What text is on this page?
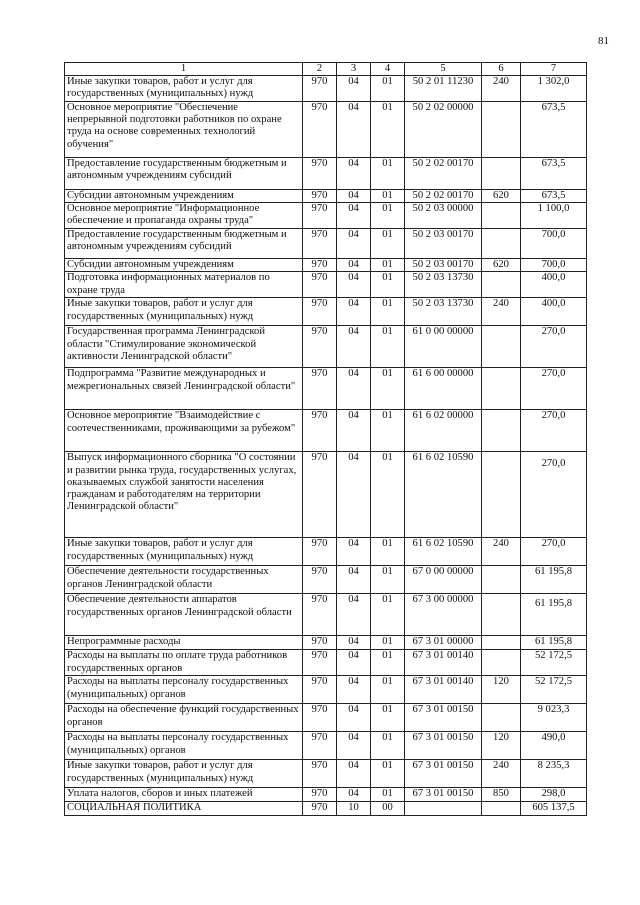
81
1	2	3	4	5	6	7
Иные закупки товаров, работ и услуг для государственных (муниципальных) нужд	970	04	01	50 2 01 11230	240	1 302,0
Основное мероприятие "Обеспечение непрерывной подготовки работников по охране труда на основе современных технологий обучения"	970	04	01	50 2 02 00000		673,5
Предоставление государственным бюджетным и автономным учреждениям субсидий	970	04	01	50 2 02 00170		673,5
Субсидии автономным учреждениям	970	04	01	50 2 02 00170	620	673,5
Основное мероприятие "Информационное обеспечение и пропаганда охраны труда"	970	04	01	50 2 03 00000		1 100,0
Предоставление государственным бюджетным и автономным учреждениям субсидий	970	04	01	50 2 03 00170		700,0
Субсидии автономным учреждениям	970	04	01	50 2 03 00170	620	700,0
Подготовка информационных материалов по охране труда	970	04	01	50 2 03 13730		400,0
Иные закупки товаров, работ и услуг для государственных (муниципальных) нужд	970	04	01	50 2 03 13730	240	400,0
Государственная программа Ленинградской области "Стимулирование экономической активности Ленинградской области"	970	04	01	61 0 00 00000		270,0
Подпрограмма "Развитие международных и межрегиональных связей Ленинградской области"	970	04	01	61 6 00 00000		270,0
Основное мероприятие "Взаимодействие с соотечественниками, проживающими за рубежом"	970	04	01	61 6 02 00000		270,0
Выпуск информационного сборника "О состоянии и развитии рынка труда, государственных услугах, оказываемых службой занятости населения гражданам и работодателям на территории Ленинградской области"	970	04	01	61 6 02 10590		270,0
Иные закупки товаров, работ и услуг для государственных (муниципальных) нужд	970	04	01	61 6 02 10590	240	270,0
Обеспечение деятельности государственных органов Ленинградской области	970	04	01	67 0 00 00000		61 195,8
Обеспечение деятельности аппаратов государственных органов Ленинградской области	970	04	01	67 3 00 00000		61 195,8
Непрограммные расходы	970	04	01	67 3 01 00000		61 195,8
Расходы на выплаты по оплате труда работников государственных органов	970	04	01	67 3 01 00140		52 172,5
Расходы на выплаты персоналу государственных (муниципальных) органов	970	04	01	67 3 01 00140	120	52 172,5
Расходы на обеспечение функций государственных органов	970	04	01	67 3 01 00150		9 023,3
Расходы на выплаты персоналу государственных (муниципальных) органов	970	04	01	67 3 01 00150	120	490,0
Иные закупки товаров, работ и услуг для государственных (муниципальных) нужд	970	04	01	67 3 01 00150	240	8 235,3
Уплата налогов, сборов и иных платежей	970	04	01	67 3 01 00150	850	298,0
СОЦИАЛЬНАЯ ПОЛИТИКА	970	10	00			605 137,5
